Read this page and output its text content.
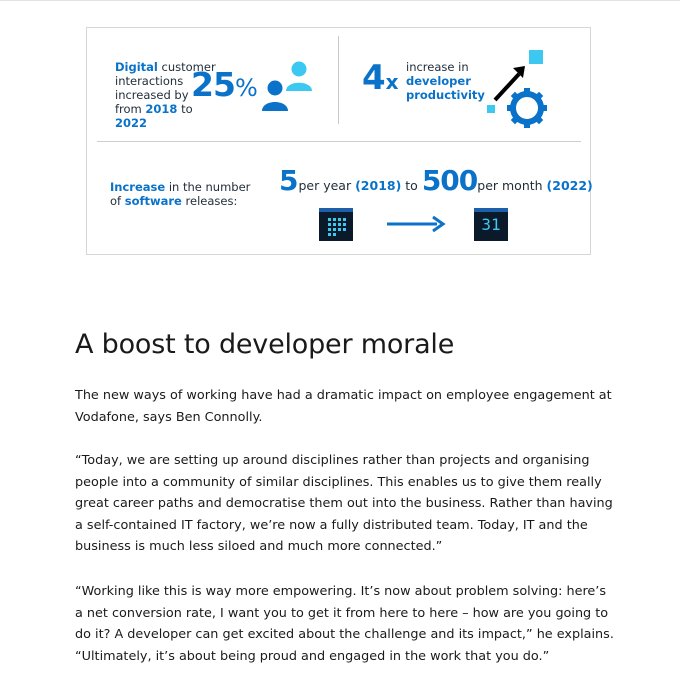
Digital customer
interactions
increased by
from 2018 to 2022
25%	4x
increase in
developer
productivity
Increase in the number
of software releases:
5per year (2018) to 500per month (2022)
31
A boost to developer morale

The new ways of working have had a dramatic impact on employee engagement at Vodafone, says Ben Connolly.

“Today, we are setting up around disciplines rather than projects and organising people into a community of similar disciplines. This enables us to give them really great career paths and democratise them out into the business. Rather than having a self-contained IT factory, we’re now a fully distributed team. Today, IT and the business is much less siloed and much more connected.”

“Working like this is way more empowering. It’s now about problem solving: here’s a net conversion rate, I want you to get it from here to here – how are you going to do it? A developer can get excited about the challenge and its impact,” he explains. “Ultimately, it’s about being proud and engaged in the work that you do.”
